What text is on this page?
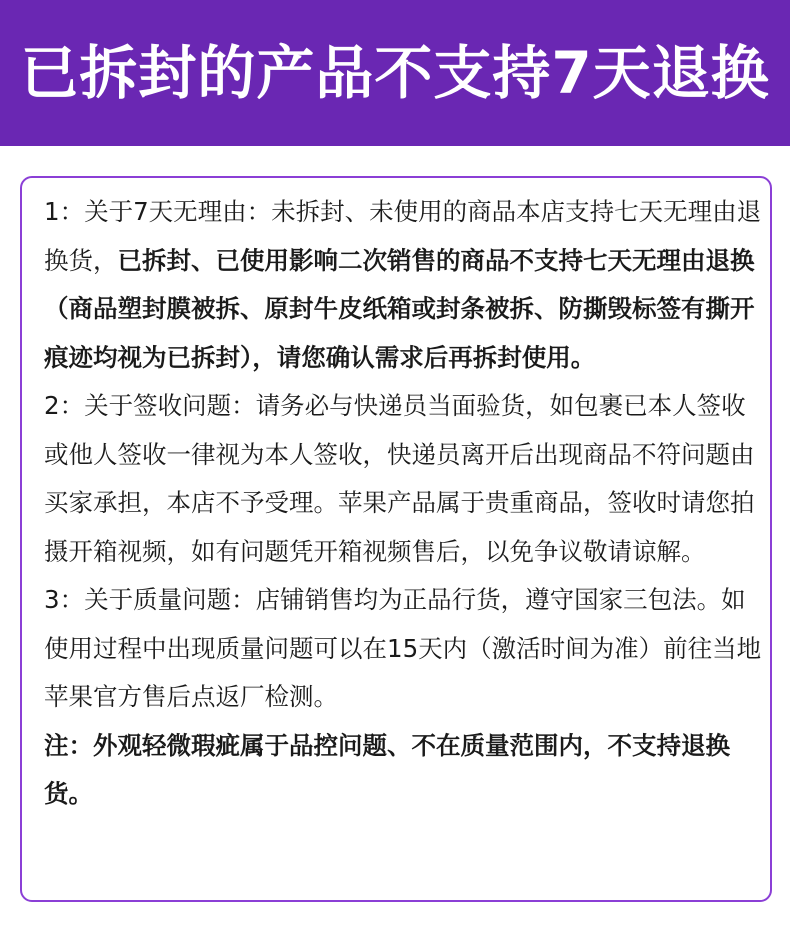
已拆封的产品不支持7天退换

1：关于7天无理由：未拆封、未使用的商品本店支持七天无理由退换货，已拆封、已使用影响二次销售的商品不支持七天无理由退换（商品塑封膜被拆、原封牛皮纸箱或封条被拆、防撕毁标签有撕开痕迹均视为已拆封），请您确认需求后再拆封使用。

2：关于签收问题：请务必与快递员当面验货，如包裹已本人签收或他人签收一律视为本人签收，快递员离开后出现商品不符问题由买家承担，本店不予受理。苹果产品属于贵重商品，签收时请您拍摄开箱视频，如有问题凭开箱视频售后，以免争议敬请谅解。

3：关于质量问题：店铺销售均为正品行货，遵守国家三包法。如使用过程中出现质量问题可以在15天内（激活时间为准）前往当地苹果官方售后点返厂检测。

注：外观轻微瑕疵属于品控问题、不在质量范围内，不支持退换货。
